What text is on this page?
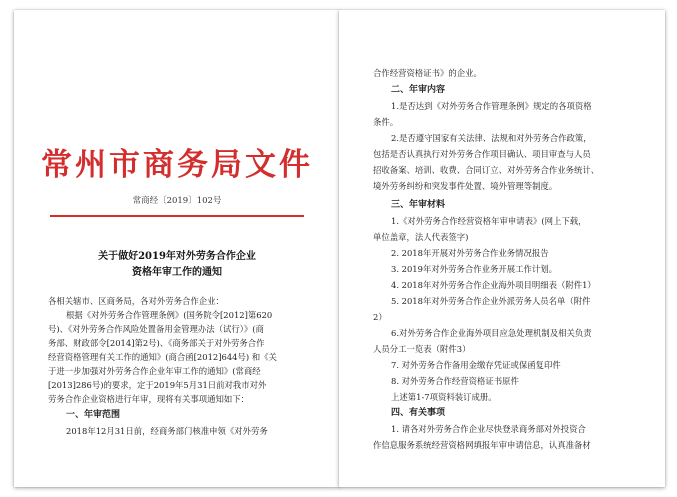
常州市商务局文件
常商经〔2019〕102号
关于做好2019年对外劳务合作企业
资格年审工作的通知
各相关辖市、区商务局，各对外劳务合作企业：
根据《对外劳务合作管理条例》(国务院令[2012]第620
号)、《对外劳务合作风险处置备用金管理办法（试行）》(商
务部、财政部令[2014]第2号)、《商务部关于对外劳务合作
经营资格管理有关工作的通知》(商合函[2012]644号) 和《关
于进一步加强对外劳务合作企业年审工作的通知》(常商经
[2013]286号)的要求，定于2019年5月31日前对我市对外
劳务合作企业资格进行年审，现将有关事项通知如下：
一、年审范围
2018年12月31日前，经商务部门核准申领《对外劳务
合作经营资格证书》的企业。
二、年审内容
1.是否达到《对外劳务合作管理条例》规定的各项资格
条件。
2.是否遵守国家有关法律、法规和对外劳务合作政策，
包括是否认真执行对外劳务合作项目确认、项目审查与人员
招收备案、培训、收费、合同订立、对外劳务合作业务统计、
境外劳务纠纷和突发事件处置、境外管理等制度。
三、年审材料
1.《对外劳务合作经营资格年审申请表》(网上下载，
单位盖章，法人代表签字)
2. 2018年开展对外劳务合作业务情况报告
3. 2019年对外劳务合作业务开展工作计划。
4. 2018年对外劳务合作企业海外项目明细表（附件1）
5. 2018年对外劳务合作企业外派劳务人员名单（附件
2）
6.对外劳务合作企业海外项目应急处理机制及相关负责
人员分工一览表（附件3）
7. 对外劳务合作备用金缴存凭证或保函复印件
8. 对外劳务合作经营资格证书原件
上述第1-7项资料装订成册。
四、有关事项
1. 请各对外劳务合作企业尽快登录商务部对外投资合
作信息服务系统经营资格网填报年审申请信息，认真准备材
